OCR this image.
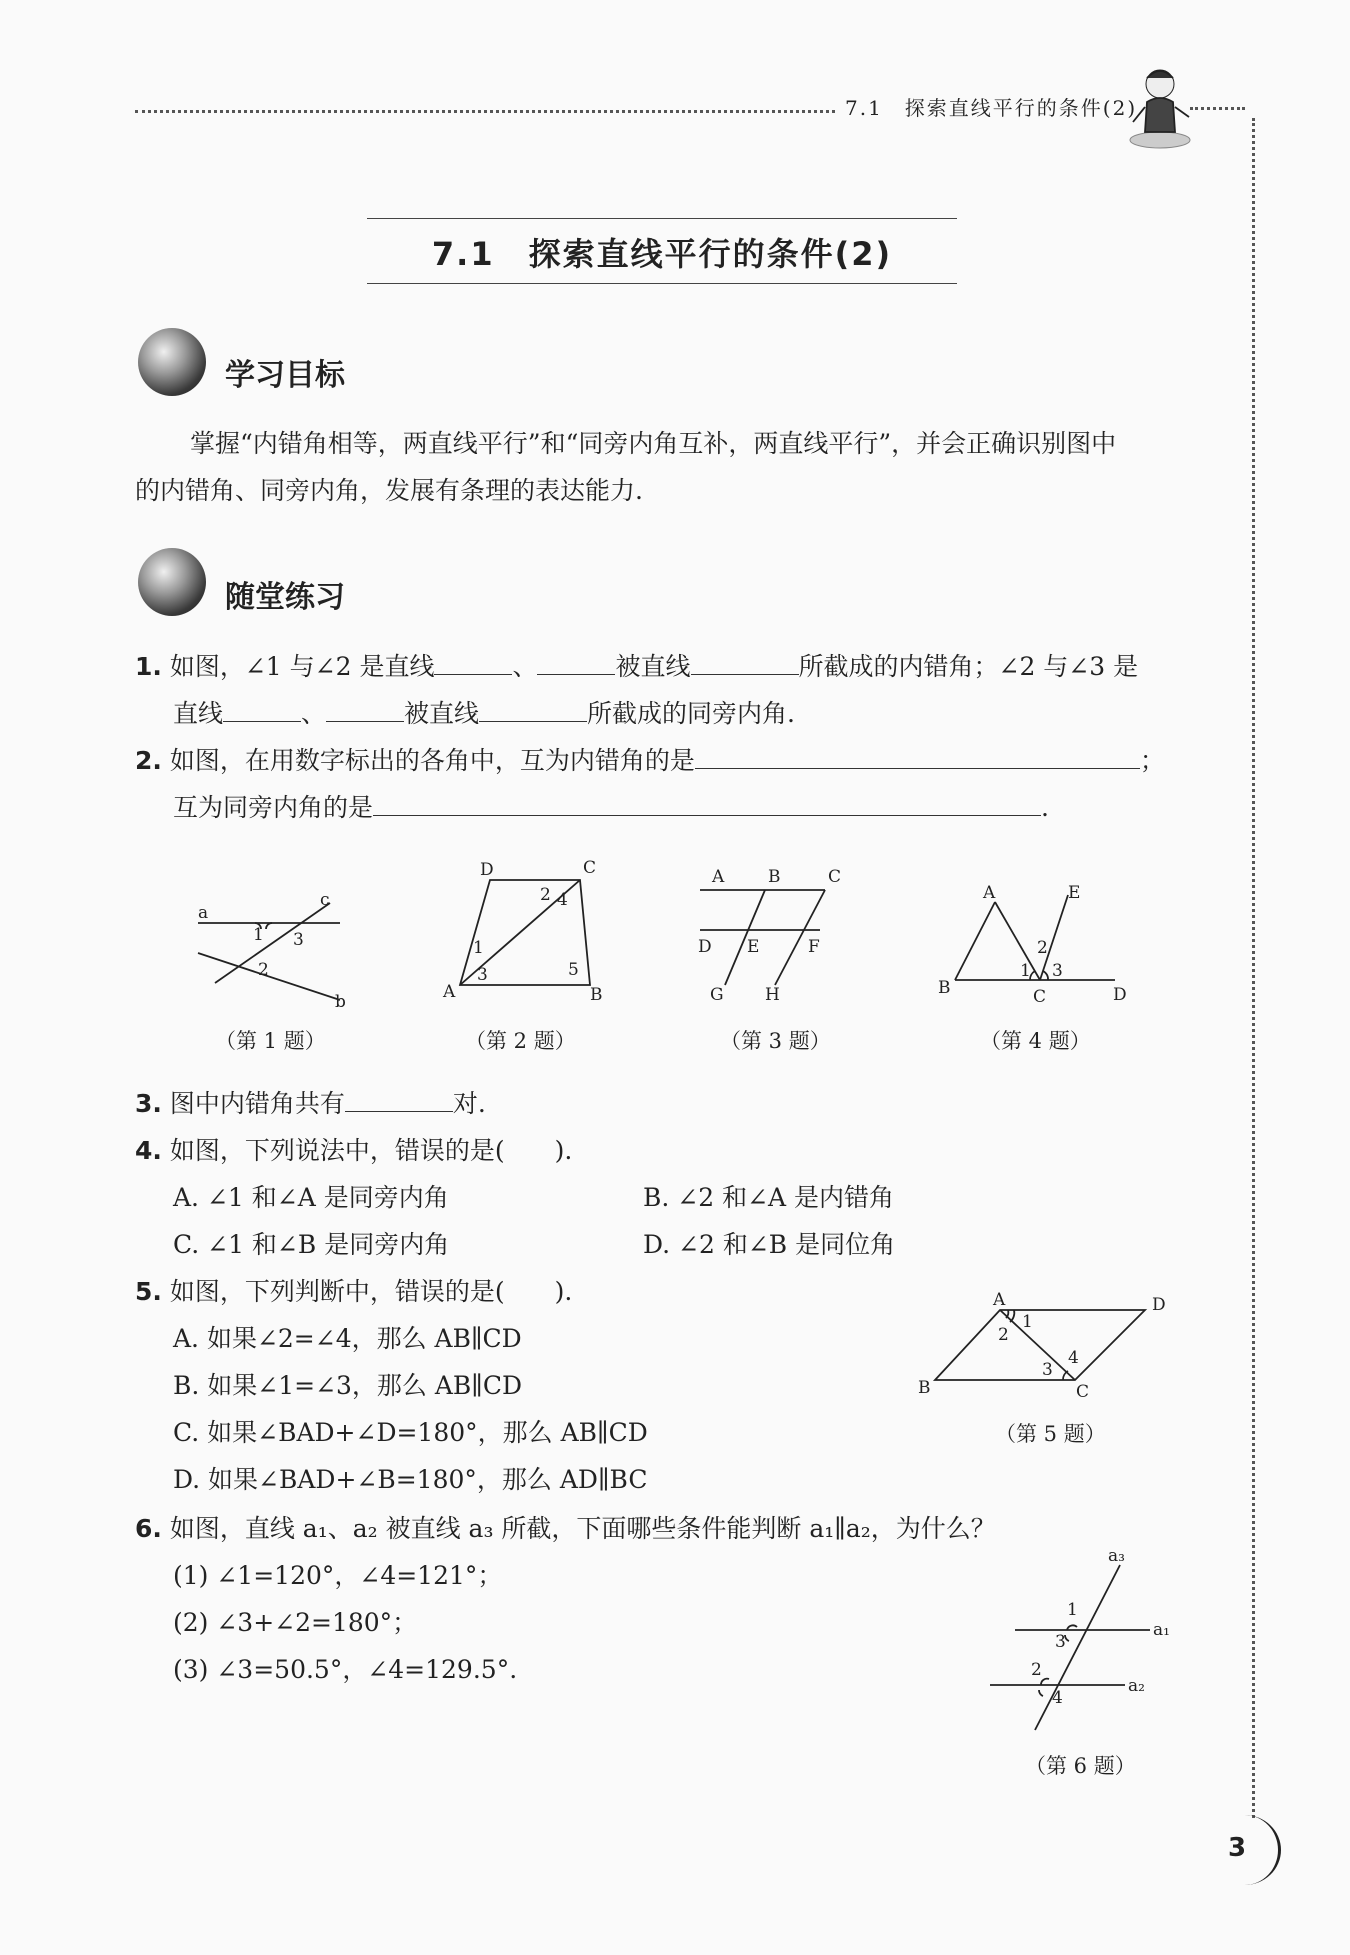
7.1　探索直线平行的条件(2)
7.1　探索直线平行的条件(2)
学习目标
掌握“内错角相等，两直线平行”和“同旁内角互补，两直线平行”，并会正确识别图中
的内错角、同旁内角，发展有条理的表达能力.
随堂练习
1. 如图，∠1 与∠2 是直线	、	被直线	所截成的内错角；∠2 与∠3 是
直线	、	被直线	所截成的同旁内角.
2. 如图，在用数字标出的各角中，互为内错角的是	；
互为同旁内角的是	.
a
c
1 3
2
b
（第 1 题）
D	C
2 4
1
3	5
A	B
（第 2 题）
A	B	C
D E	F
G H
（第 3 题）
A	E
2
1 3
B	C	D
（第 4 题）
3. 图中内错角共有	对.
4. 如图，下列说法中，错误的是(　　).
A. ∠1 和∠A 是同旁内角	B. ∠2 和∠A 是内错角
C. ∠1 和∠B 是同旁内角	D. ∠2 和∠B 是同位角
5. 如图，下列判断中，错误的是(　　).
A. 如果∠2=∠4，那么 AB∥CD
B. 如果∠1=∠3，那么 AB∥CD
C. 如果∠BAD+∠D=180°，那么 AB∥CD
D. 如果∠BAD+∠B=180°，那么 AD∥BC
A	D
1
2
4
3
B	C
（第 5 题）
6. 如图，直线 a₁、a₂ 被直线 a₃ 所截，下面哪些条件能判断 a₁∥a₂，为什么？
(1) ∠1=120°，∠4=121°；
(2) ∠3+∠2=180°；
(3) ∠3=50.5°，∠4=129.5°.
a₃
1
3
a₁
2
4
a₂
（第 6 题）
3
